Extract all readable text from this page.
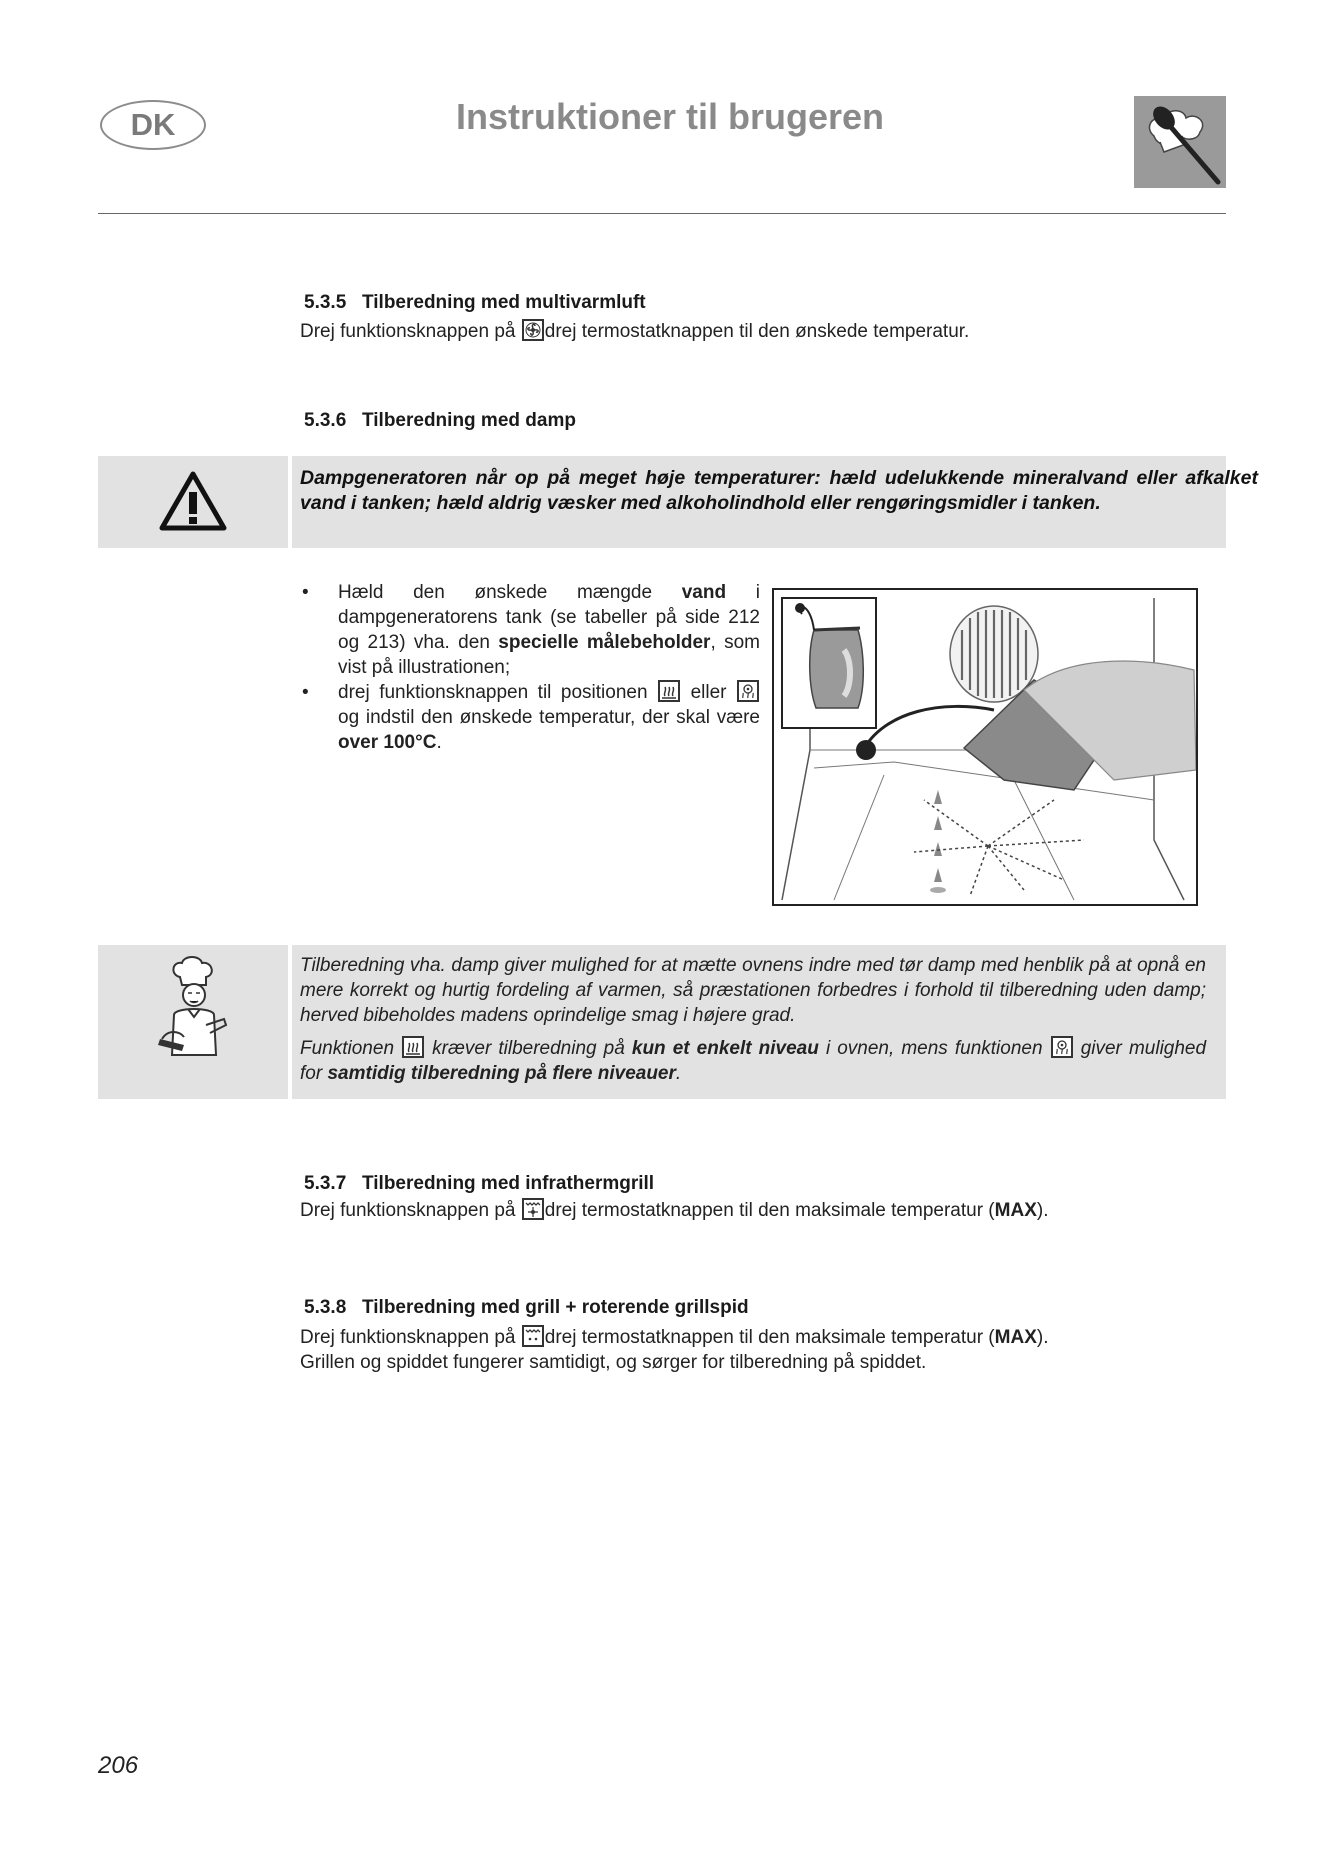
DK	Instruktioner til brugeren
5.3.5 Tilberedning med multivarmluft
Drej funktionsknappen på drej termostatknappen til den ønskede temperatur.
5.3.6 Tilberedning med damp
Dampgeneratoren når op på meget høje temperaturer: hæld udelukkende mineralvand eller afkalket vand i tanken; hæld aldrig væsker med alkoholindhold eller rengøringsmidler i tanken.
• Hæld den ønskede mængde vand i dampgeneratorens tank (se tabeller på side 212 og 213) vha. den specielle målebeholder, som vist på illustrationen;
• drej funktionsknappen til positionen eller
og indstil den ønskede temperatur, der skal være over 100°C.

Tilberedning vha. damp giver mulighed for at mætte ovnens indre med tør damp med henblik på at opnå en mere korrekt og hurtig fordeling af varmen, så præstationen forbedres i forhold til tilberedning uden damp; herved bibeholdes madens oprindelige smag i højere grad.

Funktionen kræver tilberedning på kun et enkelt niveau i ovnen, mens funktionen giver mulighed for samtidig tilberedning på flere niveauer.

5.3.7 Tilberedning med infrathermgrill
Drej funktionsknappen på drej termostatknappen til den maksimale temperatur (MAX).
5.3.8 Tilberedning med grill + roterende grillspid
Drej funktionsknappen på drej termostatknappen til den maksimale temperatur (MAX).
Grillen og spiddet fungerer samtidigt, og sørger for tilberedning på spiddet.
206
